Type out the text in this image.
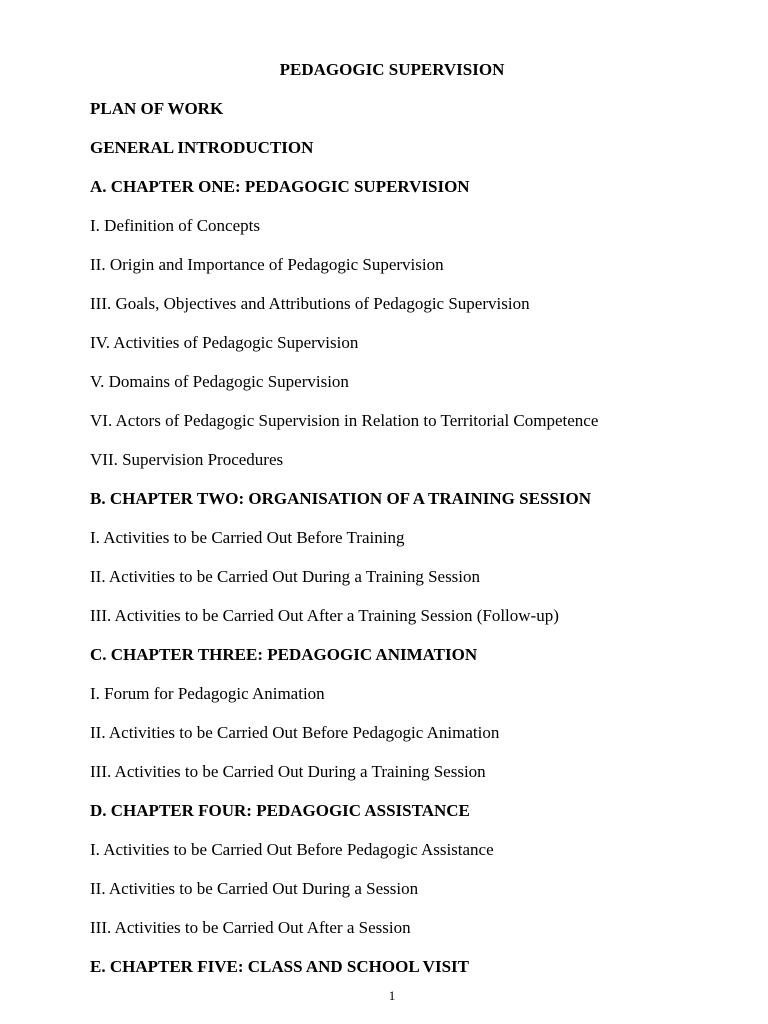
PEDAGOGIC SUPERVISION
PLAN OF WORK
GENERAL INTRODUCTION
A. CHAPTER ONE: PEDAGOGIC SUPERVISION
I. Definition of Concepts
II. Origin and Importance of Pedagogic Supervision
III. Goals, Objectives and Attributions of Pedagogic Supervision
IV. Activities of Pedagogic Supervision
V. Domains of Pedagogic Supervision
VI. Actors of Pedagogic Supervision in Relation to Territorial Competence
VII. Supervision Procedures
B. CHAPTER TWO: ORGANISATION OF A TRAINING SESSION
I. Activities to be Carried Out Before Training
II. Activities to be Carried Out During a Training Session
III. Activities to be Carried Out After a Training Session (Follow-up)
C. CHAPTER THREE: PEDAGOGIC ANIMATION
I. Forum for Pedagogic Animation
II. Activities to be Carried Out Before Pedagogic Animation
III. Activities to be Carried Out During a Training Session
D. CHAPTER FOUR: PEDAGOGIC ASSISTANCE
I. Activities to be Carried Out Before Pedagogic Assistance
II. Activities to be Carried Out During a Session
III. Activities to be Carried Out After a Session
E. CHAPTER FIVE: CLASS AND SCHOOL VISIT
1
